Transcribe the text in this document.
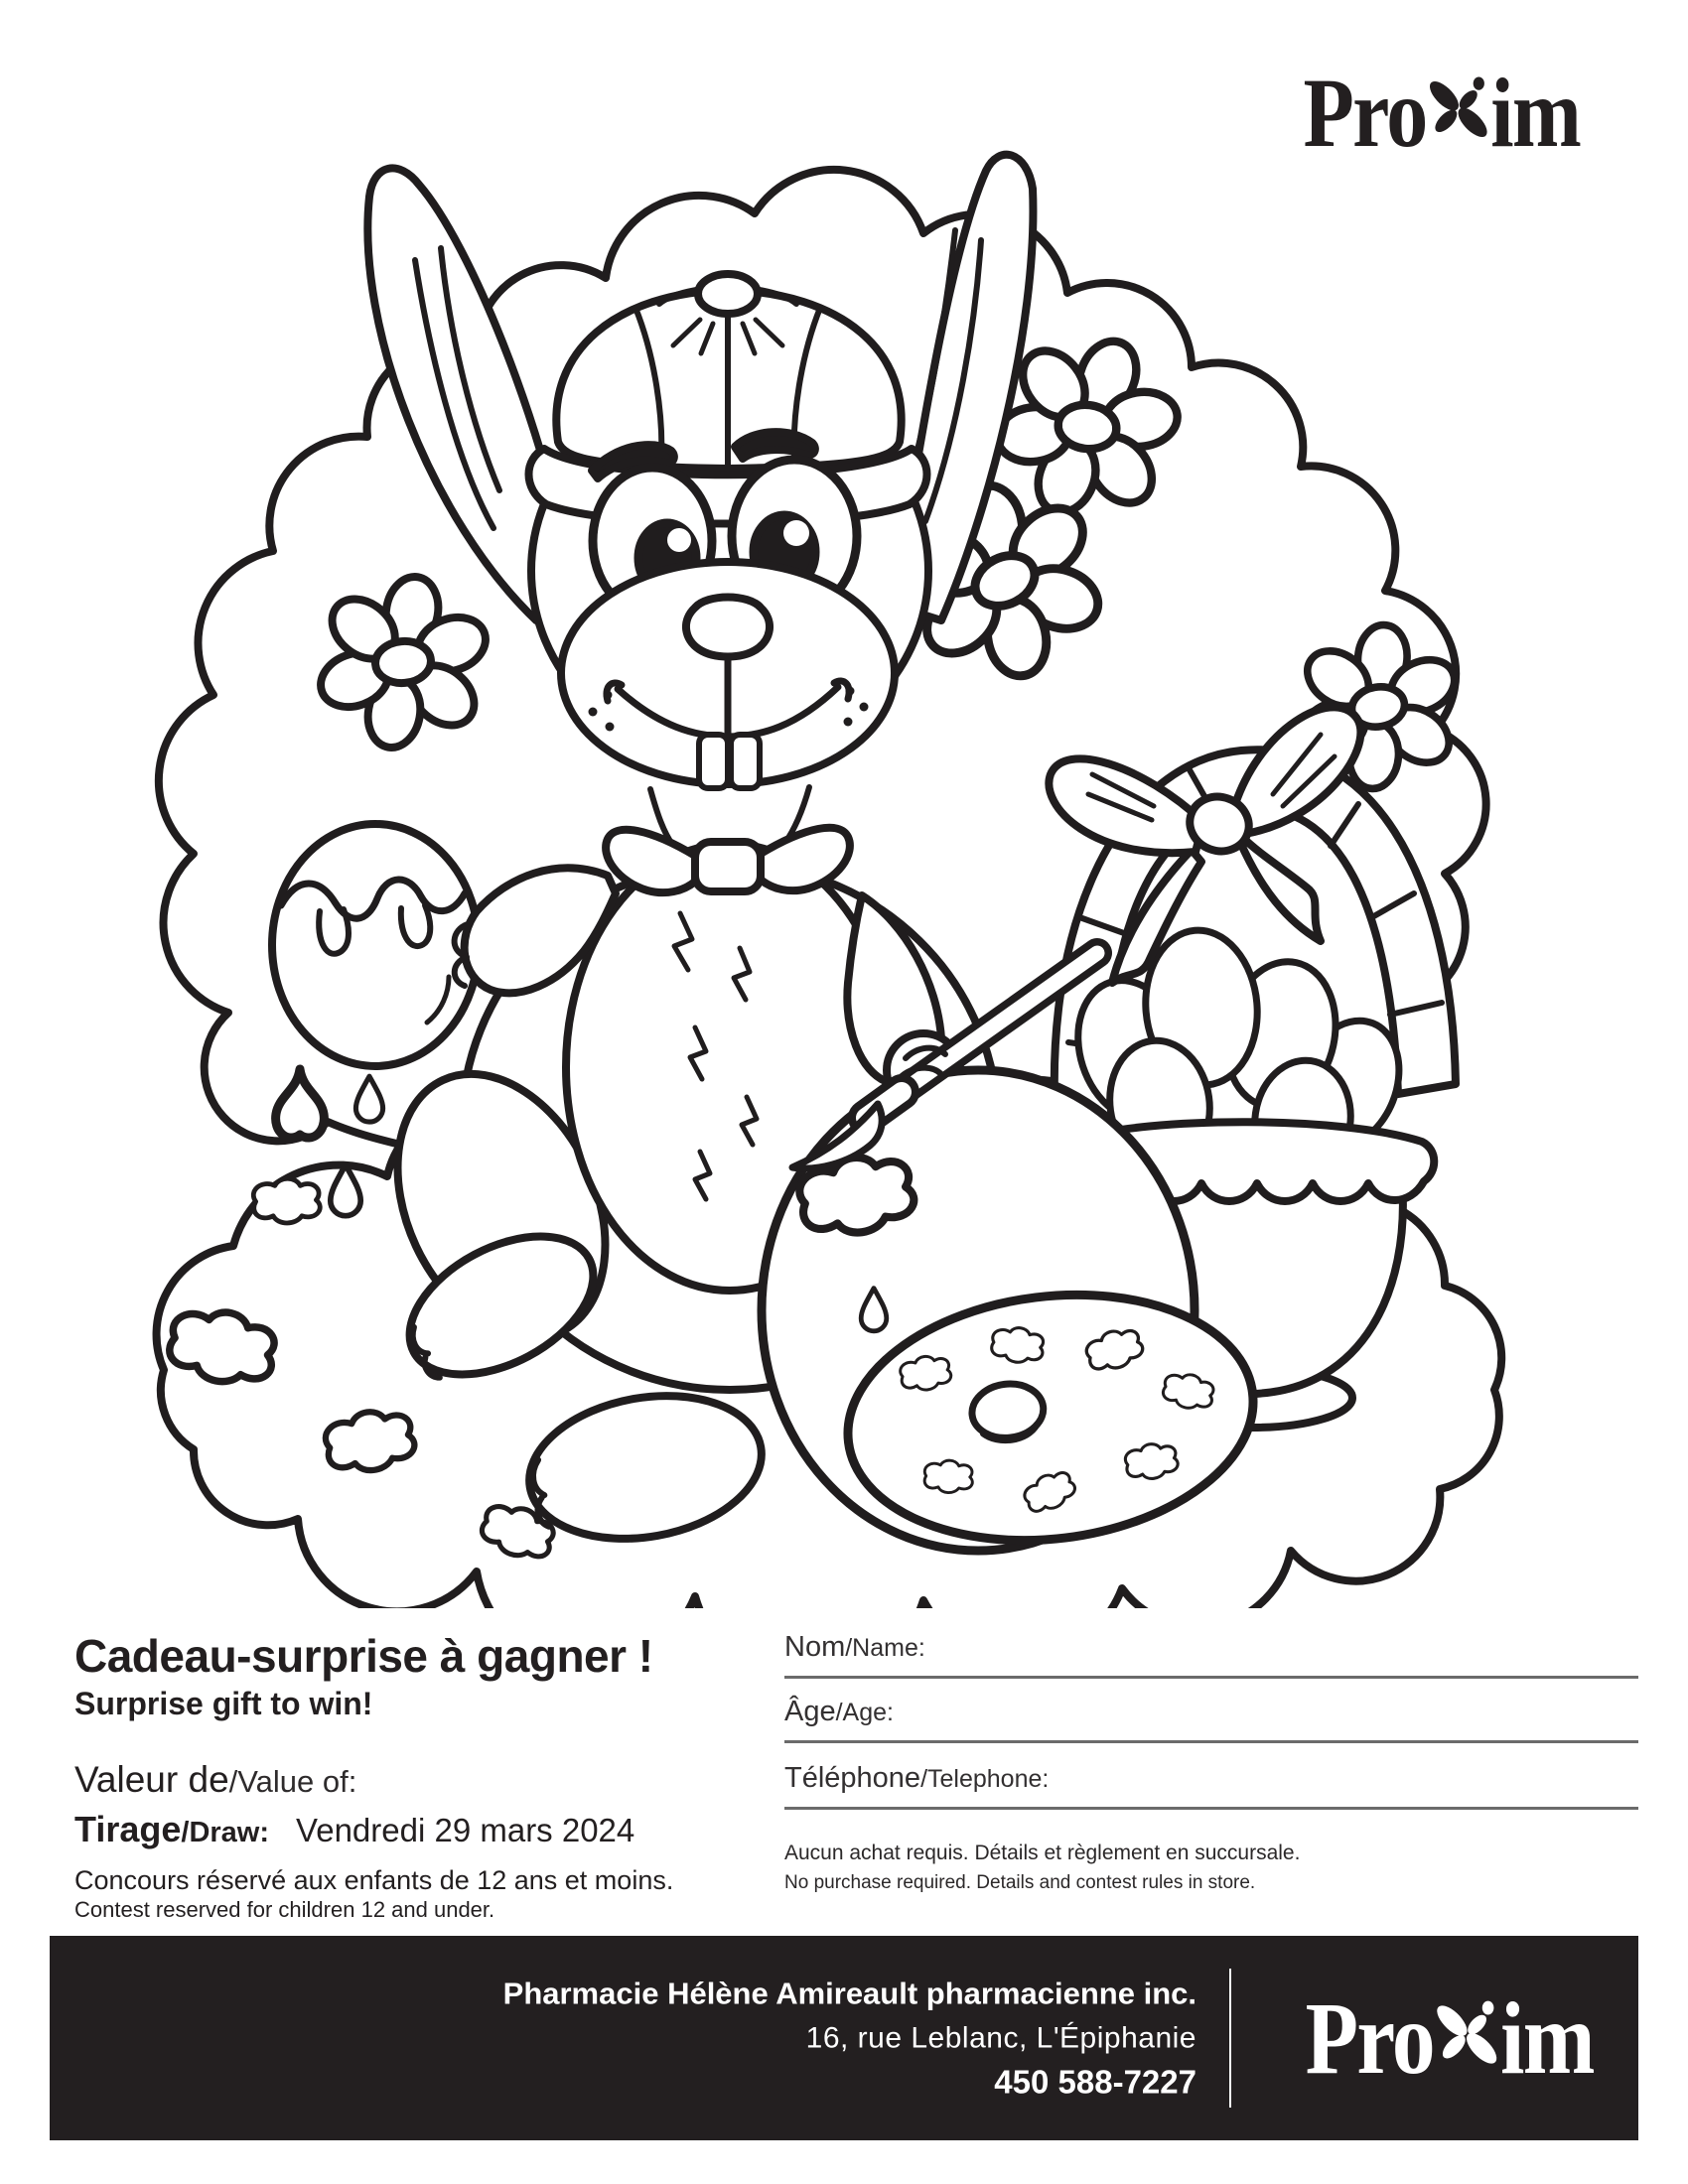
Pro im
Cadeau-surprise à gagner !
Surprise gift to win!
Valeur de/Value of:
Tirage/Draw: Vendredi 29 mars 2024
Concours réservé aux enfants de 12 ans et moins.
Contest reserved for children 12 and under.
Nom/Name:
Âge/Age:
Téléphone/Telephone:
Aucun achat requis. Détails et règlement en succursale.
No purchase required. Details and contest rules in store.
Pharmacie Hélène Amireault pharmacienne inc.
16, rue Leblanc, L'Épiphanie
450 588-7227 Pro im
